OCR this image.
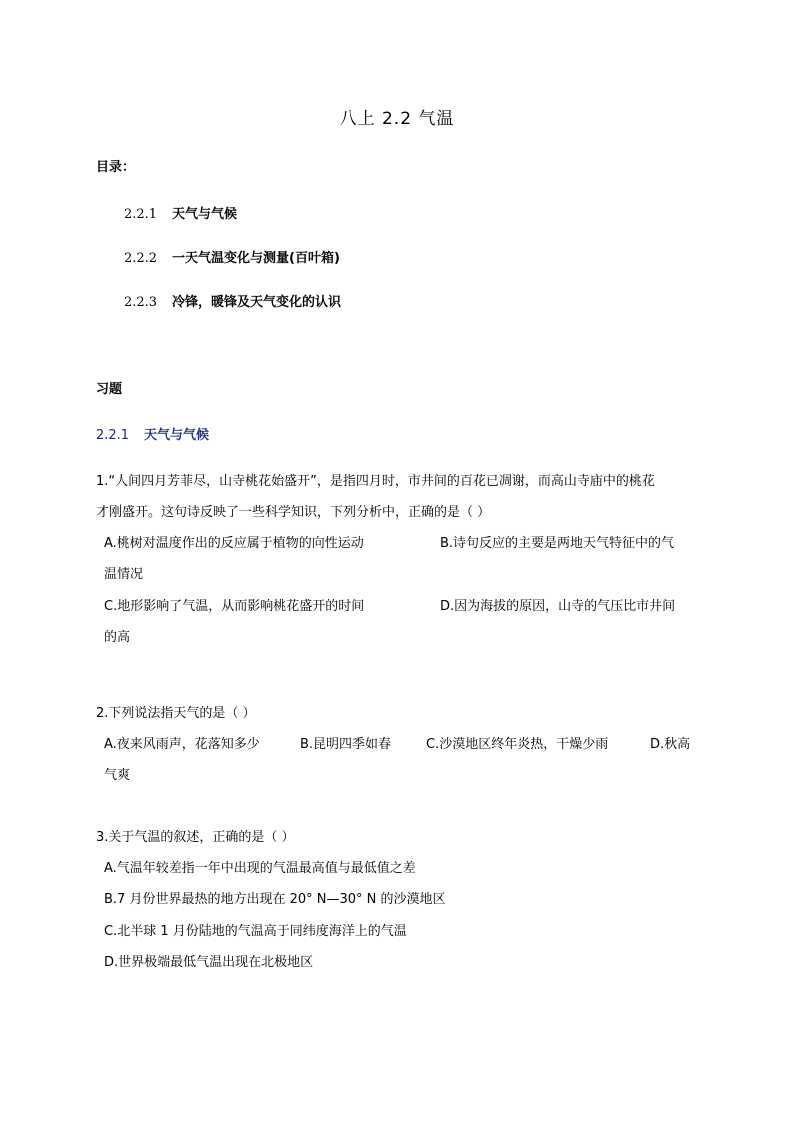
八上 2.2 气温
目录：
2.2.1 天气与气候
2.2.2 一天气温变化与测量(百叶箱)
2.2.3 冷锋，暖锋及天气变化的认识
习题
2.2.1 天气与气候
1.“人间四月芳菲尽，山寺桃花始盛开”，是指四月时，市井间的百花已凋谢，而高山寺庙中的桃花
才刚盛开。这句诗反映了一些科学知识，下列分析中，正确的是（ ）
A.桃树对温度作出的反应属于植物的向性运动	B.诗句反应的主要是两地天气特征中的气
温情况
C.地形影响了气温，从而影响桃花盛开的时间	D.因为海拔的原因，山寺的气压比市井间
的高
2.下列说法指天气的是（ ）
A.夜来风雨声，花落知多少	B.昆明四季如春	C.沙漠地区终年炎热，干燥少雨	D.秋高
气爽
3.关于气温的叙述，正确的是（ ）
A.气温年较差指一年中出现的气温最高值与最低值之差
B.7 月份世界最热的地方出现在 20° N—30° N 的沙漠地区
C.北半球 1 月份陆地的气温高于同纬度海洋上的气温
D.世界极端最低气温出现在北极地区
